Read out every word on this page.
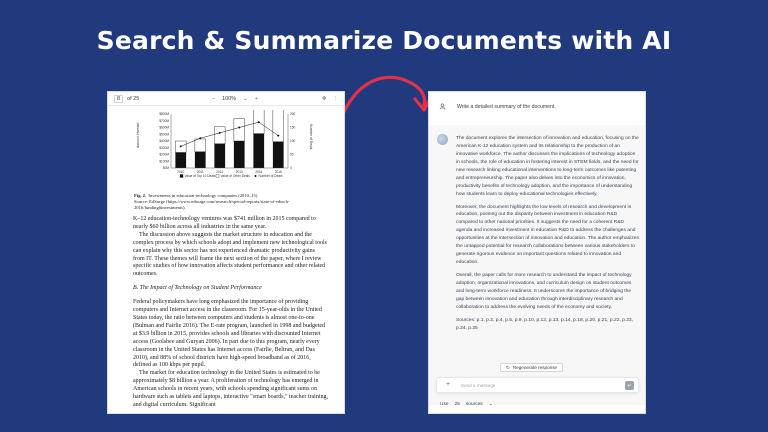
Search & Summarize Documents with AI
8	of 25	– 100% ⌄ +	✥ ⋮
Amount Invested	Number of Deals
$0M
$100M
$200M
$300M
$400M
$500M
$600M
$700M
$800M
0
50
100
150
200
2010	2011	2012	2013	2014	2015
Value of Top 10 Deals Value of Other Deals	Number of Deals
Fig. 2. Investments in education-technology companies (2010–15)
Source: EdSurge (https://www.edsurge.com/research/special-reports/state-of-edtech-2016/funding#investments).

K–12 education-technology ventures was $741 million in 2015 compared to nearly $60 billion across all industries in the same year.

The discussion above suggests the market structure in education and the complex process by which schools adopt and implement new technological tools can explain why this sector has not experienced dramatic productivity gains from IT. These themes will frame the next section of the paper, where I review specific studies of how innovation affects student performance and other related outcomes.

B. The Impact of Technology on Student Performance

Federal policymakers have long emphasized the importance of providing computers and Internet access in the classroom. For 15-year-olds in the United States today, the ratio between computers and students is almost one-to-one (Bulman and Fairlie 2016). The E-rate program, launched in 1998 and budgeted at $3.9 billion in 2015, provides schools and libraries with discounted Internet access (Goolsbee and Guryan 2006). In part due to this program, nearly every classroom in the United States has Internet access (Fairlie, Beltran, and Das 2010), and 88% of school districts have high-speed broadband as of 2016, defined as 100 kbps per pupil.

The market for education technology in the United States is estimated to be approximately $8 billion a year. A proliferation of technology has emerged in American schools in recent years, with schools spending significant sums on hardware such as tablets and laptops, interactive "smart boards," teacher training, and digital curriculum. Significant

Write a detailed summary of the document.

The document explores the intersection of innovation and education, focusing on the American K-12 education system and its relationship to the production of an innovative workforce. The author discusses the implications of technology adoption in schools, the role of education in fostering interest in STEM fields, and the need for new research linking educational interventions to long-term outcomes like patenting and entrepreneurship. The paper also delves into the economics of innovation, productivity benefits of technology adoption, and the importance of understanding how students learn to deploy educational technologies effectively.

Moreover, the document highlights the low levels of research and development in education, pointing out the disparity between investment in education R&D compared to other national priorities. It suggests the need for a coherent R&D agenda and increased investment in education R&D to address the challenges and opportunities at the intersection of innovation and education. The author emphasizes the untapped potential for research collaborations between various stakeholders to generate rigorous evidence on important questions related to innovation and education.

Overall, the paper calls for more research to understand the impact of technology adoption, organizational innovations, and curriculum design on student outcomes and long-term workforce readiness. It underscores the importance of bridging the gap between innovation and education through interdisciplinary research and collaboration to address the evolving needs of the economy and society.

Sources: p.1, p.2, p.4, p.5, p.9, p.10, p.12, p.13, p.14, p.18, p.20, p.21, p.22, p.23, p.24, p.25

↻ Regenerate response
+ Send a message	↵
Use 25 sources ⌄
